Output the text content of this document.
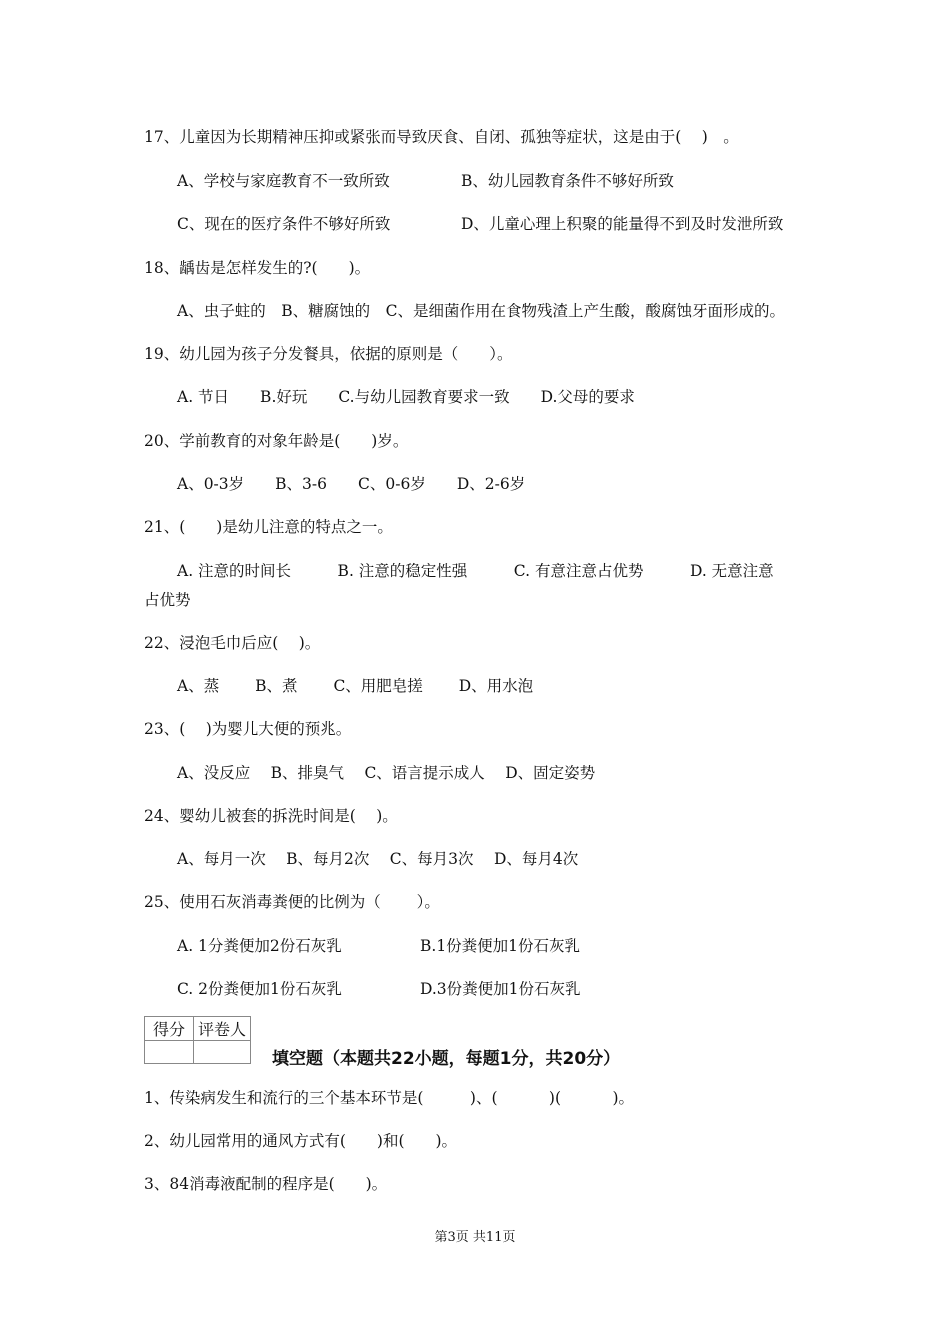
17、儿童因为长期精神压抑或紧张而导致厌食、自闭、孤独等症状，这是由于(　 )　。
A、学校与家庭教育不一致所致	B、幼儿园教育条件不够好所致
C、现在的医疗条件不够好所致	D、儿童心理上积聚的能量得不到及时发泄所致
18、龋齿是怎样发生的?(　　)。
A、虫子蛀的　B、糖腐蚀的　C、是细菌作用在食物残渣上产生酸，酸腐蚀牙面形成的。
19、幼儿园为孩子分发餐具，依据的原则是（　　）。
A. 节日　　B.好玩　　C.与幼儿园教育要求一致　　D.父母的要求
20、学前教育的对象年龄是(　　)岁。
A、0-3岁　　B、3-6　　C、0-6岁　　D、2-6岁
21、(　　)是幼儿注意的特点之一。
A. 注意的时间长　　　B. 注意的稳定性强　　　C. 有意注意占优势　　　D. 无意注意
占优势
22、浸泡毛巾后应(　 )。
A、蒸　　 B、煮　　 C、用肥皂搓　　 D、用水泡
23、(　 )为婴儿大便的预兆。
A、没反应　 B、排臭气　 C、语言提示成人　 D、固定姿势
24、婴幼儿被套的拆洗时间是(　 )。
A、每月一次　 B、每月2次　 C、每月3次　 D、每月4次
25、使用石灰消毒粪便的比例为（　　 ）。
A. 1分粪便加2份石灰乳	B.1份粪便加1份石灰乳
C. 2份粪便加1份石灰乳	D.3份粪便加1份石灰乳
得分	评卷人

填空题（本题共22小题，每题1分，共20分）
1、传染病发生和流行的三个基本环节是(　　　)、(　　　 )(　　　 )。
2、幼儿园常用的通风方式有(　　)和(　　)。
3、84消毒液配制的程序是(　　)。
第3页 共11页
